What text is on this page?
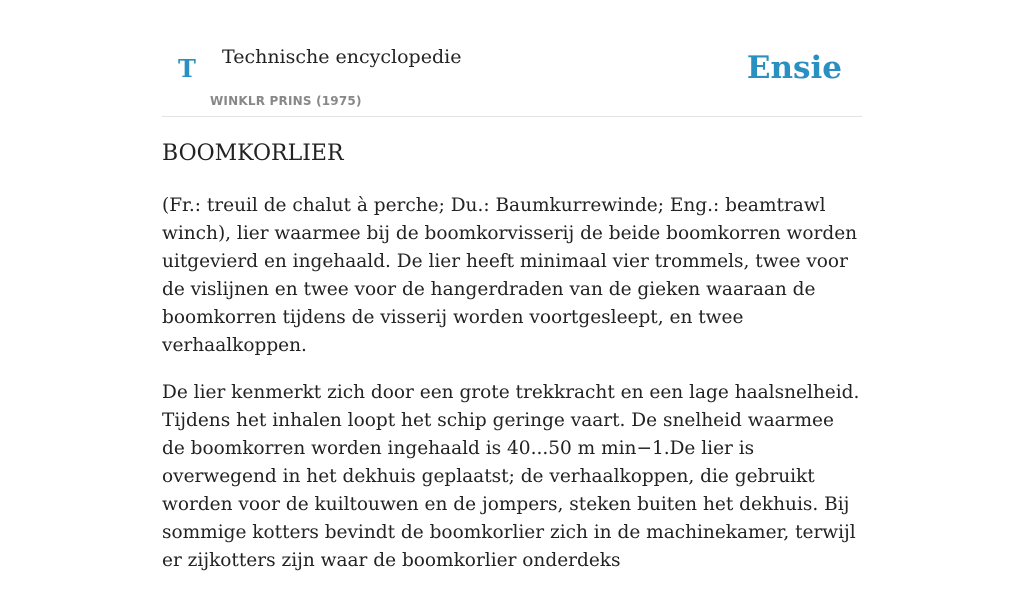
T Technische encyclopedie
WINKLR PRINS (1975)
Ensie
BOOMKORLIER

(Fr.: treuil de chalut à perche; Du.: Baumkurrewinde; Eng.: beamtrawl winch), lier waarmee bij de boomkorvisserij de beide boomkorren worden uitgevierd en ingehaald. De lier heeft minimaal vier trommels, twee voor de vislijnen en twee voor de hangerdraden van de gieken waaraan de boomkorren tijdens de visserij worden voortgesleept, en twee verhaalkoppen.

De lier kenmerkt zich door een grote trekkracht en een lage haalsnelheid. Tijdens het inhalen loopt het schip geringe vaart. De snelheid waarmee de boomkorren worden ingehaald is 40...50 m min−1.De lier is overwegend in het dekhuis geplaatst; de verhaalkoppen, die gebruikt worden voor de kuiltouwen en de jompers, steken buiten het dekhuis. Bij sommige kotters bevindt de boomkorlier zich in de machinekamer, terwijl er zijkotters zijn waar de boomkorlier onderdeks
